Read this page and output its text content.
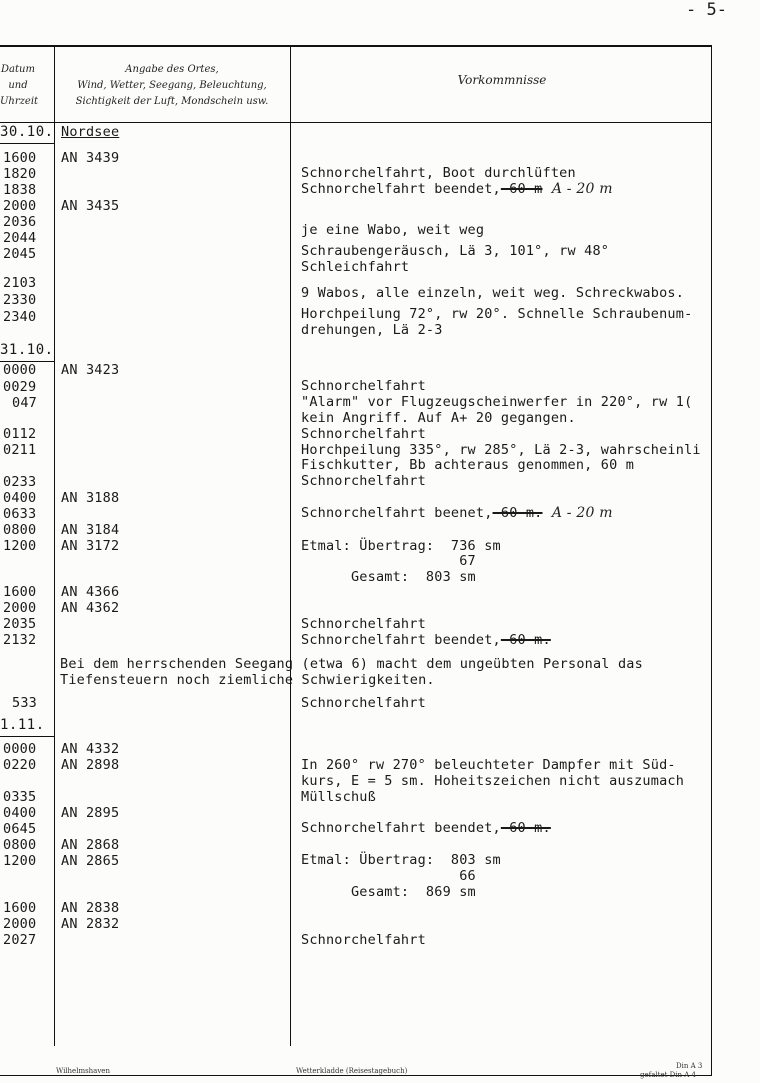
- 5-
Datum
und
Uhrzeit
Angabe des Ortes,
Wind, Wetter, Seegang, Beleuchtung,
Sichtigkeit der Luft, Mondschein usw.
Vorkommnisse
30.10.
31.10.
1.11.
1600
1820
1838
2000
2036
2044
2045
2103
2330
2340
0000
0029
047
0112
0211
0233
0400
0633
0800
1200
1600
2000
2035
2132
533
0000
0220
0335
0400
0645
0800
1200
1600
2000
2027
Nordsee
AN 3439
AN 3435
AN 3423
AN 3188
AN 3184
AN 3172
AN 4366
AN 4362
AN 4332
AN 2898
AN 2895
AN 2868
AN 2865
AN 2838
AN 2832
Schnorchelfahrt, Boot durchlüften
Schnorchelfahrt beendet, 60 m  A - 20 m
je eine Wabo, weit weg
Schraubengeräusch, Lä 3, 101°, rw 48°
Schleichfahrt
9 Wabos, alle einzeln, weit weg. Schreckwabos.
Horchpeilung 72°, rw 20°. Schnelle Schraubenum-
drehungen, Lä 2-3
Schnorchelfahrt
"Alarm" vor Flugzeugscheinwerfer in 220°, rw 1(
kein Angriff. Auf A+ 20 gegangen.
Schnorchelfahrt
Horchpeilung 335°, rw 285°, Lä 2-3, wahrscheinli
Fischkutter, Bb achteraus genommen, 60 m
Schnorchelfahrt
Schnorchelfahrt beenet, 60 m.  A - 20 m
Etmal: Übertrag:  736 sm
67
Gesamt:  803 sm
Schnorchelfahrt
Schnorchelfahrt beendet, 60 m.
Schnorchelfahrt
In 260° rw 270° beleuchteter Dampfer mit Süd-
kurs, E = 5 sm. Hoheitszeichen nicht auszumach
Müllschuß
Schnorchelfahrt beendet, 60 m.
Etmal: Übertrag:  803 sm
66
Gesamt:  869 sm
Schnorchelfahrt
Bei dem herrschenden Seegang (etwa 6) macht dem ungeübten Personal das
Tiefensteuern noch ziemliche Schwierigkeiten.
Wilhelmshaven	Wetterkladde (Reisestagebuch)
Din A 3
gefaltet Din A 4
